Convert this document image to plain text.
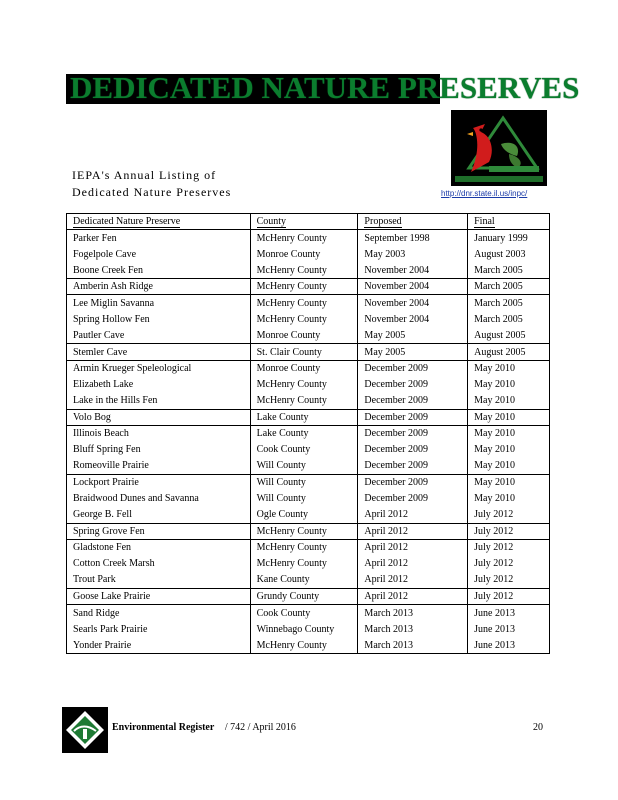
DEDICATED NATURE PRESERVES
http://dnr.state.il.us/inpc/
IEPA's Annual Listing of
Dedicated Nature Preserves
Dedicated Nature Preserve	County	Proposed	Final
Parker Fen	McHenry County	September 1998	January 1999
Fogelpole Cave	Monroe County	May 2003	August 2003
Boone Creek Fen	McHenry County	November 2004	March 2005
Amberin Ash Ridge	McHenry County	November 2004	March 2005
Lee Miglin Savanna	McHenry County	November 2004	March 2005
Spring Hollow Fen	McHenry County	November 2004	March 2005
Pautler Cave	Monroe County	May 2005	August 2005
Stemler Cave	St. Clair County	May 2005	August 2005
Armin Krueger Speleological	Monroe County	December 2009	May 2010
Elizabeth Lake	McHenry County	December 2009	May 2010
Lake in the Hills Fen	McHenry County	December 2009	May 2010
Volo Bog	Lake County	December 2009	May 2010
Illinois Beach	Lake County	December 2009	May 2010
Bluff Spring Fen	Cook County	December 2009	May 2010
Romeoville Prairie	Will County	December 2009	May 2010
Lockport Prairie	Will County	December 2009	May 2010
Braidwood Dunes and Savanna	Will County	December 2009	May 2010
George B. Fell	Ogle County	April 2012	July 2012
Spring Grove Fen	McHenry County	April 2012	July 2012
Gladstone Fen	McHenry County	April 2012	July 2012
Cotton Creek Marsh	McHenry County	April 2012	July 2012
Trout Park	Kane County	April 2012	July 2012
Goose Lake Prairie	Grundy County	April 2012	July 2012
Sand Ridge	Cook County	March 2013	June 2013
Searls Park Prairie	Winnebago County	March 2013	June 2013
Yonder Prairie	McHenry County	March 2013	June 2013
Environmental Register / 742 / April 2016	20
